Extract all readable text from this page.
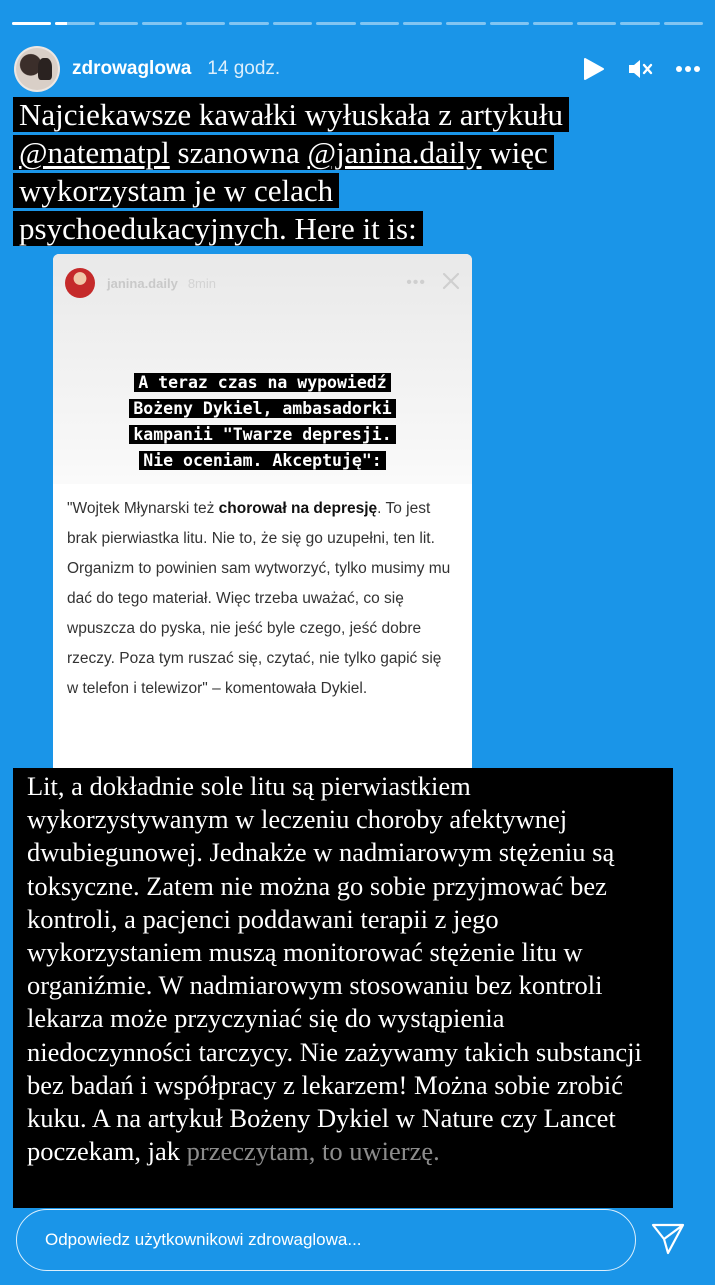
zdrowaglowa 14 godz.
Najciekawsze kawałki wyłuskała z artykułu
@natematpl szanowna @janina.daily więc
wykorzystam je w celach
psychoedukacyjnych. Here it is:
janina.daily 8min	•••
A teraz czas na wypowiedź
Bożeny Dykiel, ambasadorki
kampanii "Twarze depresji.
Nie oceniam. Akceptuję":
"Wojtek Młynarski też chorował na depresję. To jest brak pierwiastka litu. Nie to, że się go uzupełni, ten lit. Organizm to powinien sam wytworzyć, tylko musimy mu dać do tego materiał. Więc trzeba uważać, co się wpuszcza do pyska, nie jeść byle czego, jeść dobre rzeczy. Poza tym ruszać się, czytać, nie tylko gapić się w telefon i telewizor" – komentowała Dykiel.
Lit, a dokładnie sole litu są pierwiastkiem wykorzystywanym w leczeniu choroby afektywnej dwubiegunowej. Jednakże w nadmiarowym stężeniu są toksyczne. Zatem nie można go sobie przyjmować bez kontroli, a pacjenci poddawani terapii z jego wykorzystaniem muszą monitorować stężenie litu w organiźmie. W nadmiarowym stosowaniu bez kontroli lekarza może przyczyniać się do wystąpienia niedoczynności tarczycy. Nie zażywamy takich substancji bez badań i współpracy z lekarzem! Można sobie zrobić kuku. A na artykuł Bożeny Dykiel w Nature czy Lancet poczekam, jak przeczytam, to uwierzę.
Odpowiedz użytkownikowi zdrowaglowa...
